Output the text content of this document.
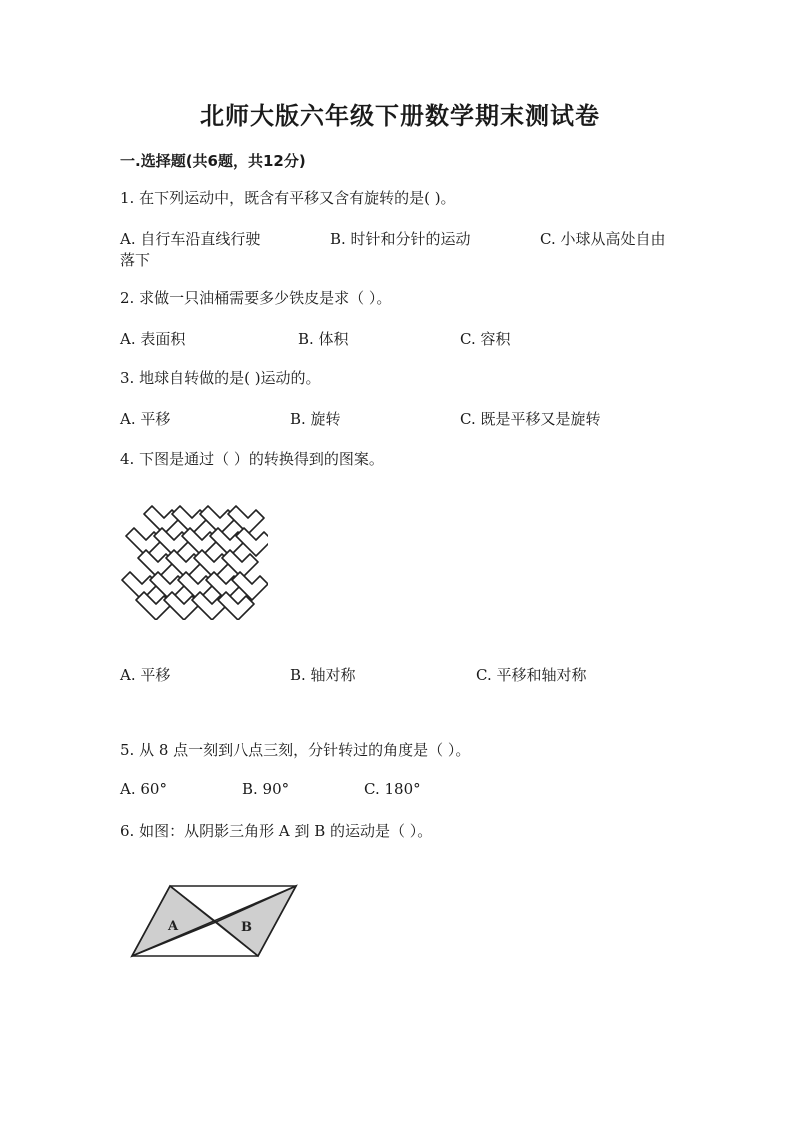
北师大版六年级下册数学期末测试卷
一.选择题(共6题，共12分)
1. 在下列运动中，既含有平移又含有旋转的是( )。
A. 自行车沿直线行驶	B. 时针和分针的运动	C. 小球从高处自由
落下
2. 求做一只油桶需要多少铁皮是求（ ）。
A. 表面积	B. 体积	C. 容积
3. 地球自转做的是( )运动的。
A. 平移	B. 旋转	C. 既是平移又是旋转
4. 下图是通过（ ）的转换得到的图案。
A. 平移	B. 轴对称	C. 平移和轴对称
5. 从 8 点一刻到八点三刻，分针转过的角度是（ ）。
A. 60°	B. 90°	C. 180°
6. 如图：从阴影三角形 A 到 B 的运动是（ ）。
A	B
